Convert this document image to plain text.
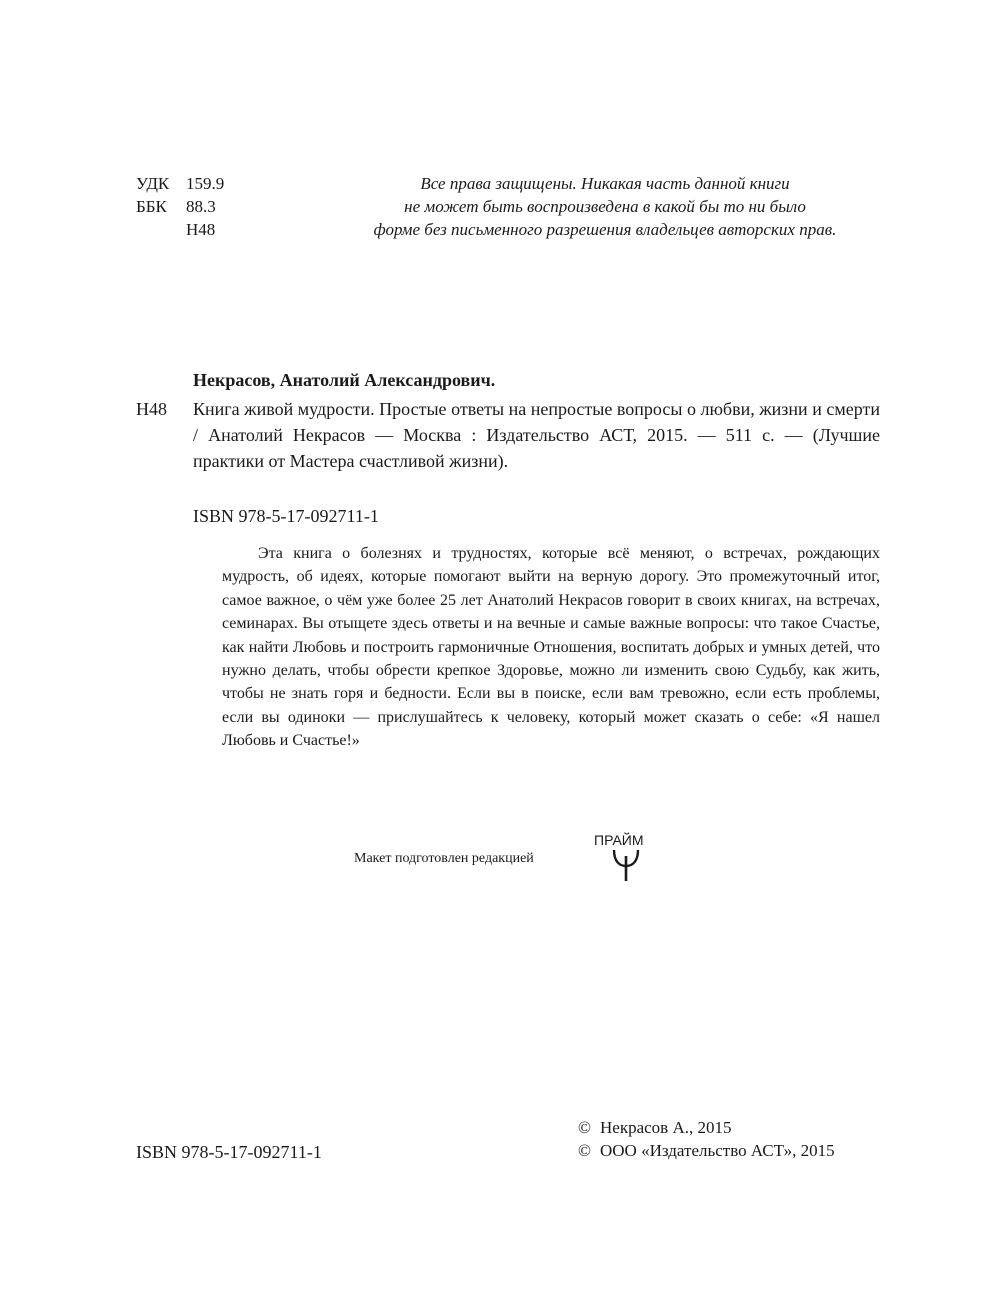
УДК 159.9
ББК 88.3
Н48
Все права защищены. Никакая часть данной книги
не может быть воспроизведена в какой бы то ни было
форме без письменного разрешения владельцев авторских прав.
Некрасов, Анатолий Александрович.
Н48 Книга живой мудрости. Простые ответы на непростые вопросы о любви, жизни и смерти / Анатолий Некрасов — Москва : Издательство АСТ, 2015. — 511 с. — (Лучшие практики от Мастера счастливой жизни).
ISBN 978-5-17-092711-1
Эта книга о болезнях и трудностях, которые всё меняют, о встречах, рождающих мудрость, об идеях, которые помогают выйти на верную дорогу. Это промежуточный итог, самое важное, о чём уже более 25 лет Анатолий Некрасов говорит в своих книгах, на встречах, семинарах. Вы отыщете здесь ответы и на вечные и самые важные вопросы: что такое Счастье, как найти Любовь и построить гармоничные Отношения, воспитать добрых и умных детей, что нужно делать, чтобы обрести крепкое Здоровье, можно ли изменить свою Судьбу, как жить, чтобы не знать горя и бедности. Если вы в поиске, если вам тревожно, если есть проблемы, если вы одиноки — прислушайтесь к человеку, который может сказать о себе: «Я нашел Любовь и Счастье!»
Макет подготовлен редакцией
ПРАЙМ
ISBN 978-5-17-092711-1
© Некрасов А., 2015
© ООО «Издательство АСТ», 2015
